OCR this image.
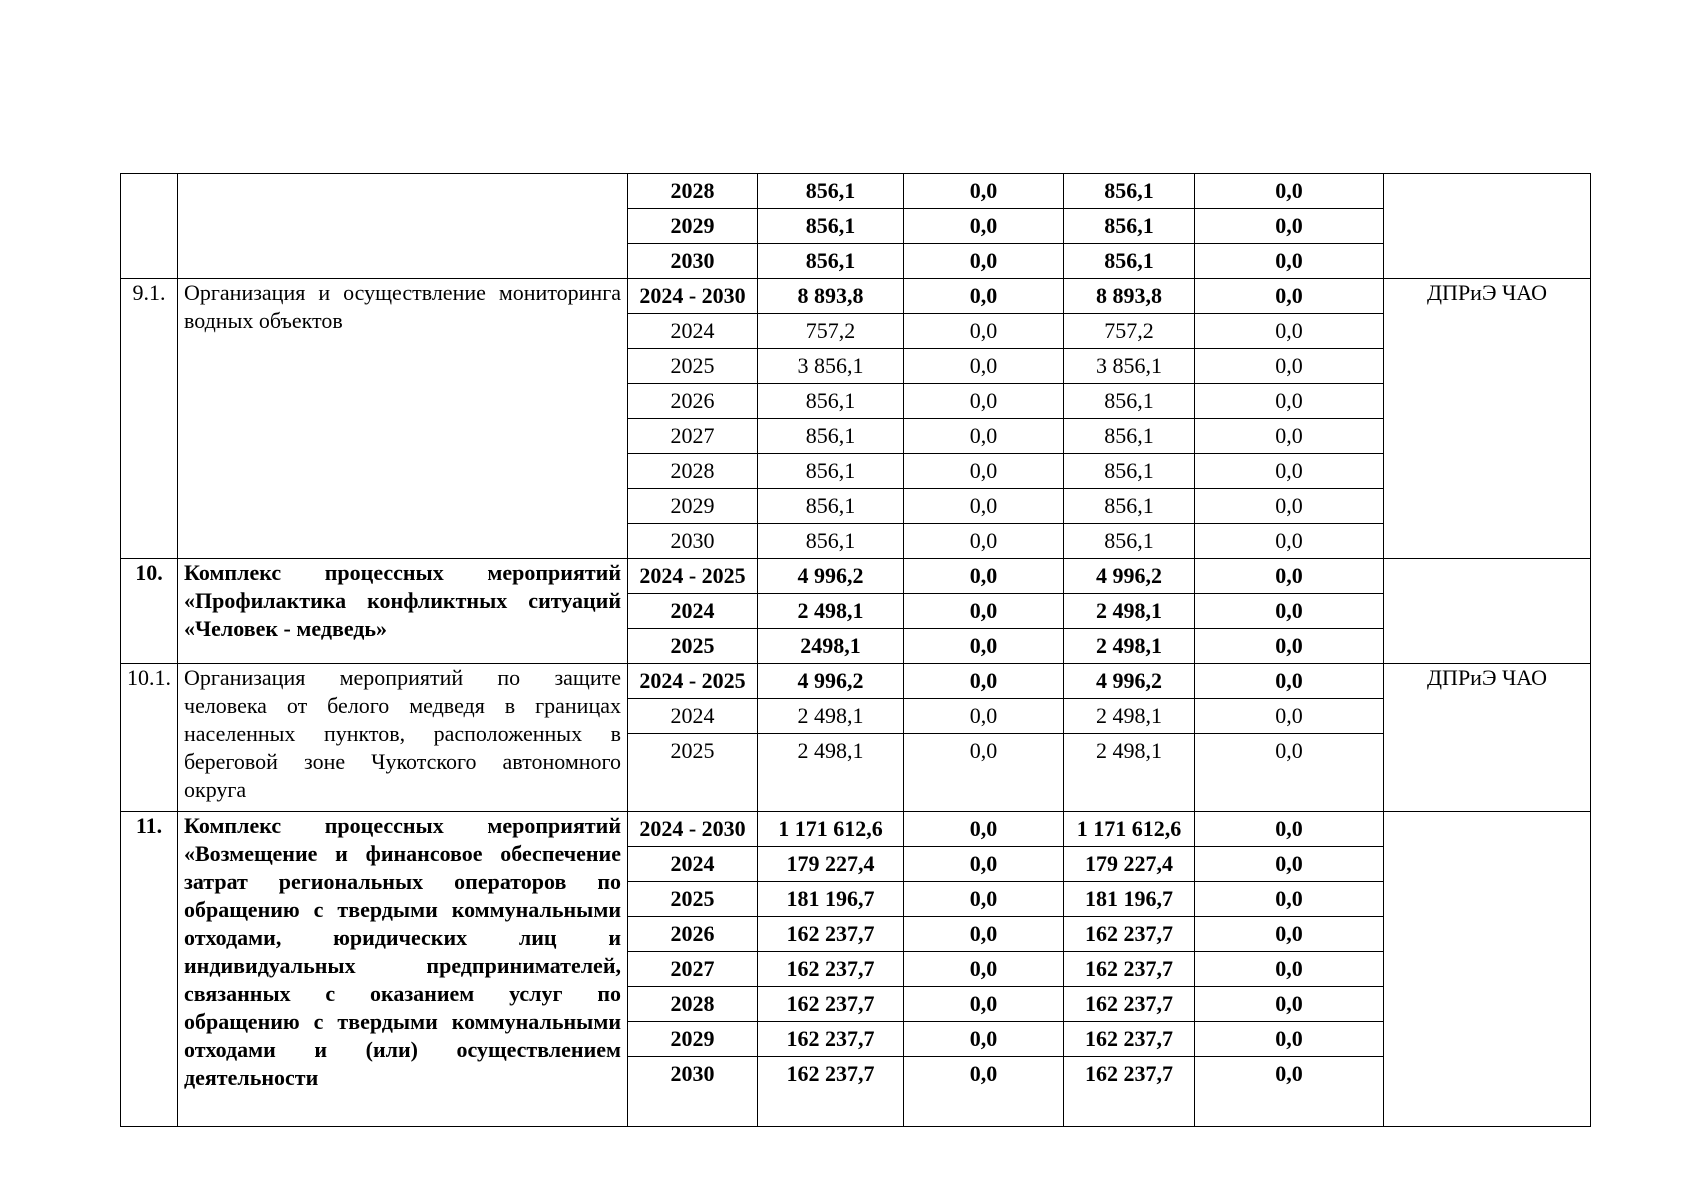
		2028	856,1	0,0	856,1	0,0	
		2029	856,1	0,0	856,1	0,0	
		2030	856,1	0,0	856,1	0,0	
9.1.	Организация и осуществление мониторинга водных объектов	2024 - 2030	8 893,8	0,0	8 893,8	0,0	ДПРиЭ ЧАО
		2024	757,2	0,0	757,2	0,0	
		2025	3 856,1	0,0	3 856,1	0,0	
		2026	856,1	0,0	856,1	0,0	
		2027	856,1	0,0	856,1	0,0	
		2028	856,1	0,0	856,1	0,0	
		2029	856,1	0,0	856,1	0,0	
		2030	856,1	0,0	856,1	0,0	
10.	Комплекс процессных мероприятий «Профилактика конфликтных ситуаций «Человек - медведь»	2024 - 2025	4 996,2	0,0	4 996,2	0,0	
		2024	2 498,1	0,0	2 498,1	0,0	
		2025	2498,1	0,0	2 498,1	0,0	
10.1.	Организация мероприятий по защите человека от белого медведя в границах населенных пунктов, расположенных в береговой зоне Чукотского автономного округа	2024 - 2025	4 996,2	0,0	4 996,2	0,0	ДПРиЭ ЧАО
		2024	2 498,1	0,0	2 498,1	0,0	
		2025	2 498,1	0,0	2 498,1	0,0	
11.	Комплекс процессных мероприятий «Возмещение и финансовое обеспечение затрат региональных операторов по обращению с твердыми коммунальными отходами, юридических лиц и индивидуальных предпринимателей, связанных с оказанием услуг по обращению с твердыми коммунальными отходами и (или) осуществлением деятельности	2024 - 2030	1 171 612,6	0,0	1 171 612,6	0,0	
		2024	179 227,4	0,0	179 227,4	0,0	
		2025	181 196,7	0,0	181 196,7	0,0	
		2026	162 237,7	0,0	162 237,7	0,0	
		2027	162 237,7	0,0	162 237,7	0,0	
		2028	162 237,7	0,0	162 237,7	0,0	
		2029	162 237,7	0,0	162 237,7	0,0	
		2030	162 237,7	0,0	162 237,7	0,0	
